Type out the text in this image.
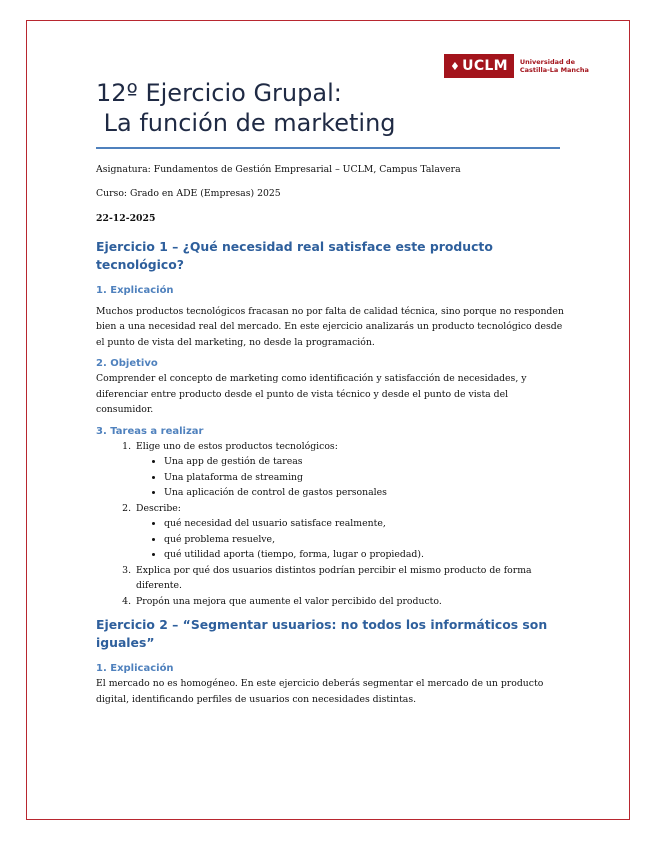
♦ UCLM Universidad de
Castilla-La Mancha
12º Ejercicio Grupal:
La función de marketing

Asignatura: Fundamentos de Gestión Empresarial – UCLM, Campus Talavera

Curso: Grado en ADE (Empresas) 2025

22-12-2025

Ejercicio 1 – ¿Qué necesidad real satisface este producto tecnológico?
1. Explicación

Muchos productos tecnológicos fracasan no por falta de calidad técnica, sino porque no responden bien a una necesidad real del mercado. En este ejercicio analizarás un producto tecnológico desde el punto de vista del marketing, no desde la programación.

2. Objetivo

Comprender el concepto de marketing como identificación y satisfacción de necesidades, y diferenciar entre producto desde el punto de vista técnico y desde el punto de vista del consumidor.

3. Tareas a realizar
1. Elige uno de estos productos tecnológicos:
• Una app de gestión de tareas
• Una plataforma de streaming
• Una aplicación de control de gastos personales
2. Describe:
• qué necesidad del usuario satisface realmente,
• qué problema resuelve,
• qué utilidad aporta (tiempo, forma, lugar o propiedad).
3. Explica por qué dos usuarios distintos podrían percibir el mismo producto de forma diferente.
4. Propón una mejora que aumente el valor percibido del producto.
Ejercicio 2 – “Segmentar usuarios: no todos los informáticos son iguales”
1. Explicación

El mercado no es homogéneo. En este ejercicio deberás segmentar el mercado de un producto digital, identificando perfiles de usuarios con necesidades distintas.
